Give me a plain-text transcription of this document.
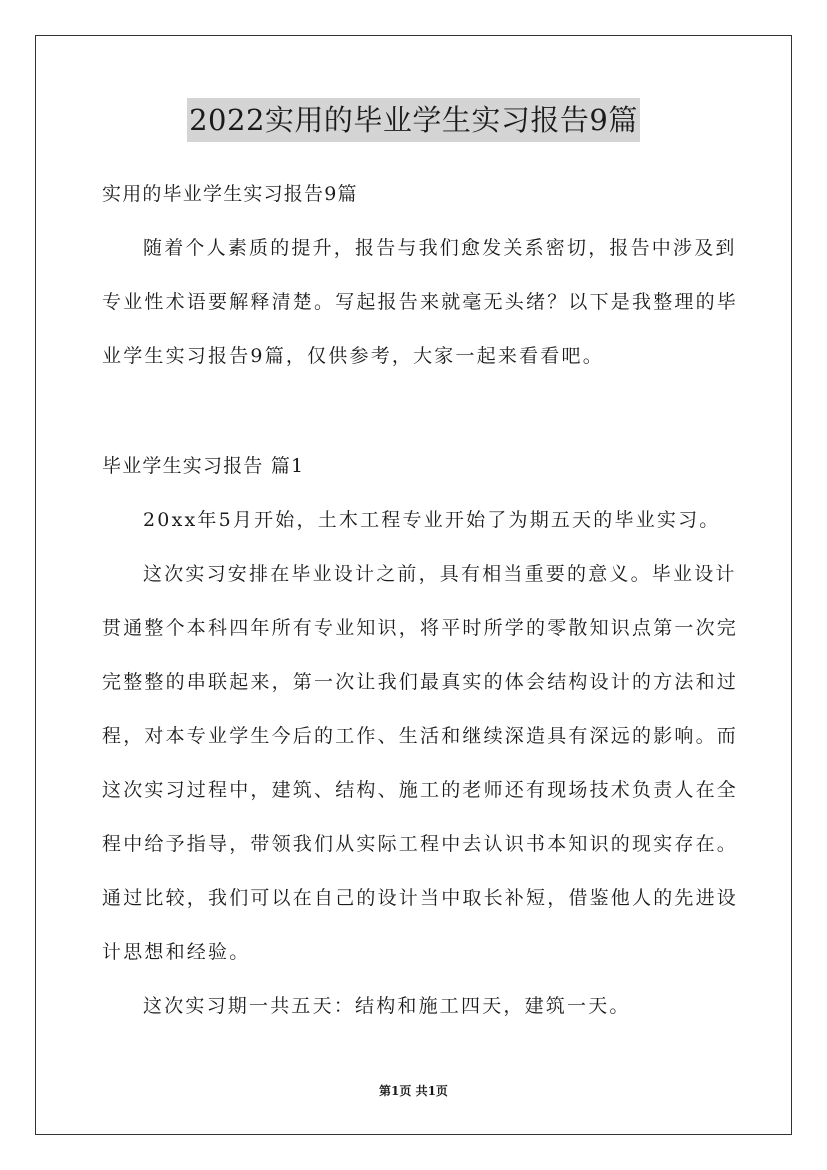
2022实用的毕业学生实习报告9篇
实用的毕业学生实习报告9篇
随着个人素质的提升，报告与我们愈发关系密切，报告中涉及到
专业性术语要解释清楚。写起报告来就毫无头绪？以下是我整理的毕
业学生实习报告9篇，仅供参考，大家一起来看看吧。
毕业学生实习报告 篇1
20xx年5月开始，土木工程专业开始了为期五天的毕业实习。
这次实习安排在毕业设计之前，具有相当重要的意义。毕业设计
贯通整个本科四年所有专业知识，将平时所学的零散知识点第一次完
完整整的串联起来，第一次让我们最真实的体会结构设计的方法和过
程，对本专业学生今后的工作、生活和继续深造具有深远的影响。而
这次实习过程中，建筑、结构、施工的老师还有现场技术负责人在全
程中给予指导，带领我们从实际工程中去认识书本知识的现实存在。
通过比较，我们可以在自己的设计当中取长补短，借鉴他人的先进设
计思想和经验。
这次实习期一共五天：结构和施工四天，建筑一天。
第1页 共1页
